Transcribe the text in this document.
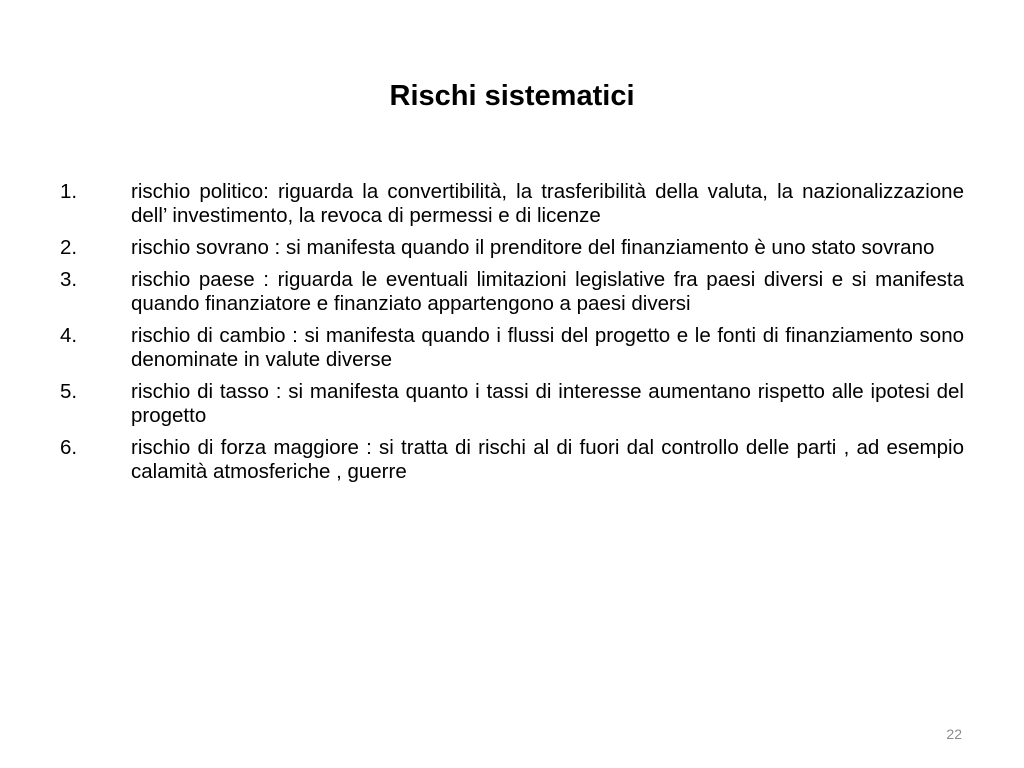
Rischi sistematici
1.	rischio politico: riguarda la convertibilità, la trasferibilità della valuta, la nazionalizzazione dell’ investimento, la revoca di permessi e di licenze
2.	rischio sovrano : si manifesta quando il prenditore del finanziamento è uno stato sovrano
3.	rischio paese : riguarda le eventuali limitazioni legislative fra paesi diversi e si manifesta quando finanziatore e finanziato appartengono a paesi diversi
4.	rischio di cambio : si manifesta quando i flussi del progetto e le fonti di finanziamento sono denominate in valute diverse
5.	rischio di tasso : si manifesta quanto i tassi di interesse aumentano rispetto alle ipotesi del progetto
6.	rischio di forza maggiore : si tratta di rischi al di fuori dal controllo delle parti , ad esempio calamità atmosferiche , guerre
22
